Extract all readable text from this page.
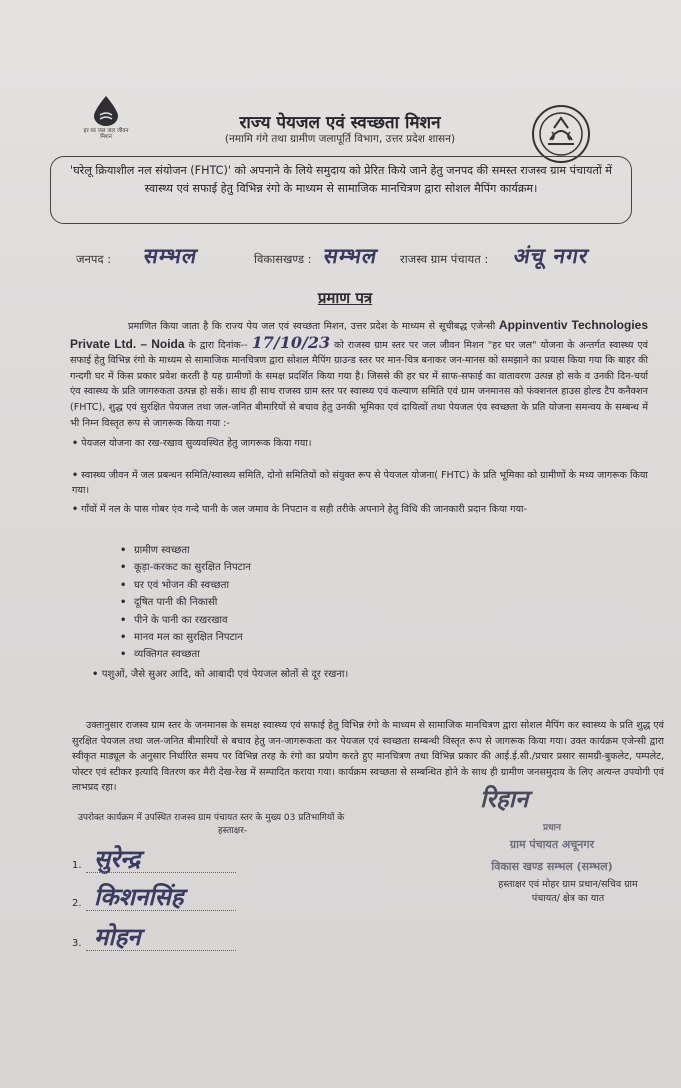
हर घर जल जल जीवन मिशन
राज्य पेयजल एवं स्वच्छता मिशन
(नमामि गंगे तथा ग्रामीण जलापूर्ति विभाग, उत्तर प्रदेश शासन)
'घरेलू क्रियाशील नल संयोजन (FHTC)' को अपनाने के लिये समुदाय को प्रेरित किये जाने हेतु जनपद की समस्त राजस्व ग्राम पंचायतों में स्वास्थ्य एवं सफाई हेतु विभिन्न रंगो के माध्यम से सामाजिक मानचित्रण द्वारा सोशल मैपिंग कार्यक्रम।
जनपद : सम्भल	विकासखण्ड : सम्भल राजस्व ग्राम पंचायत : अंचू नगर
प्रमाण पत्र
प्रमाणित किया जाता है कि राज्य पेय जल एवं स्वच्छता मिशन, उत्तर प्रदेश के माध्यम से सूचीबद्ध एजेन्सी Appinventiv Technologies Private Ltd. – Noida के द्वारा दिनांक-- 17/10/23 को राजस्व ग्राम स्तर पर जल जीवन मिशन "हर घर जल" योजना के अन्तर्गत स्वास्थ्य एवं सफाई हेतु विभिन्न रंगो के माध्यम से सामाजिक मानचित्रण द्वारा सोशल मैपिंग ग्राउन्ड स्तर पर मान-चित्र बनाकर जन-मानस को समझाने का प्रयास किया गया कि बाहर की गन्दगी घर में किस प्रकार प्रवेश करती है यह ग्रामीणों के समक्ष प्रदर्शित किया गया है। जिससे की हर घर में साफ-सफाई का वातावरण उत्पन्न हो सके व उनकी दिन-चर्या एंव स्वास्थ्य के प्रति जागरुकता उत्पन्न हो सकें। साथ ही साथ राजस्व ग्राम स्तर पर स्वास्थ्य एवं कल्याण समिति एवं ग्राम जनमानस को फंक्शनल हाउस होल्ड टैप कनैक्शन (FHTC), शुद्ध एवं सुरक्षित पेयजल तथा जल-जनित बीमारियों से बचाव हेतु उनकी भूमिका एवं दायित्वों तथा पेयजल एंव स्वच्छता के प्रति योजना समन्वय के सम्बन्ध में भी निम्न विस्तृत रूप से जागरूक किया गया :-
• पेयजल योजना का रख-रखाव सुव्यवस्थित हेतु जागरूक किया गया।
• स्वास्थ्य जीवन में जल प्रबन्धन समिति/स्वास्थ्य समिति, दोनो समितियों को संयुक्त रूप से पेयजल योजना( FHTC) के प्रति भूमिका को ग्रामीणों के मध्य जागरूक किया गया।
• गाँवों में नल के पास गोबर एंव गन्दे पानी के जल जमाव के निपटान व सही तरीके अपनाने हेतु विधि की जानकारी प्रदान किया गया-
• ग्रामीण स्वच्छता
• कूड़ा-करकट का सुरक्षित निपटान
• घर एवं भोजन की स्वच्छता
• दूषित पानी की निकासी
• पीने के पानी का रखरखाव
• मानव मल का सुरक्षित निपटान
• व्यक्तिगत स्वच्छता
• पशुओं, जैसे सुअर आदि, को आबादी एवं पेयजल स्रोतों से दूर रखना।
उक्तानुसार राजस्व ग्राम स्तर के जनमानस के समक्ष स्वास्थ्य एवं सफाई हेतु विभिन्न रंगो के माध्यम से सामाजिक मानचित्रण द्वारा सोशल मैपिंग कर स्वास्थ्य के प्रति शुद्ध एवं सुरक्षित पेयजल तथा जल-जनित बीमारियों से बचाव हेतु जन-जागरूकता कर पेयजल एवं स्वच्छता सम्बन्धी विस्तृत रूप से जागरूक किया गया। उक्त कार्यक्रम एजेन्सी द्वारा स्वीकृत माड्यूल के अनुसार निर्धारित समय पर विभिन्न तरह के रंगो का प्रयोग करते हुए मानचित्रण तथा विभिन्न प्रकार की आई.ई.सी./प्रचार प्रसार सामग्री-बुकलेट, पम्पलेट, पोस्टर एवं स्टीकर इत्यादि वितरण कर मैरी देख-रेख में सम्पादित कराया गया। कार्यक्रम स्वच्छता से सम्बन्धित होने के साथ ही ग्रामीण जनसमुदाय के लिए अत्यन्त उपयोगी एवं लाभप्रद रहा।
उपरोक्त कार्यक्रम में उपस्थित राजस्व ग्राम पंचायत स्तर के मुख्य 03 प्रतिभागियों के
हस्ताक्षर-
1. सुरेन्द्र
2. किशनसिंह
3. मोहन
रिहान
प्रधान
ग्राम पंचायत अचूनगर
विकास खण्ड सम्भल (सम्भल)
हस्ताक्षर एवं मोहर ग्राम प्रधान/सचिव ग्राम पंचायत/ क्षेत्र का यात
